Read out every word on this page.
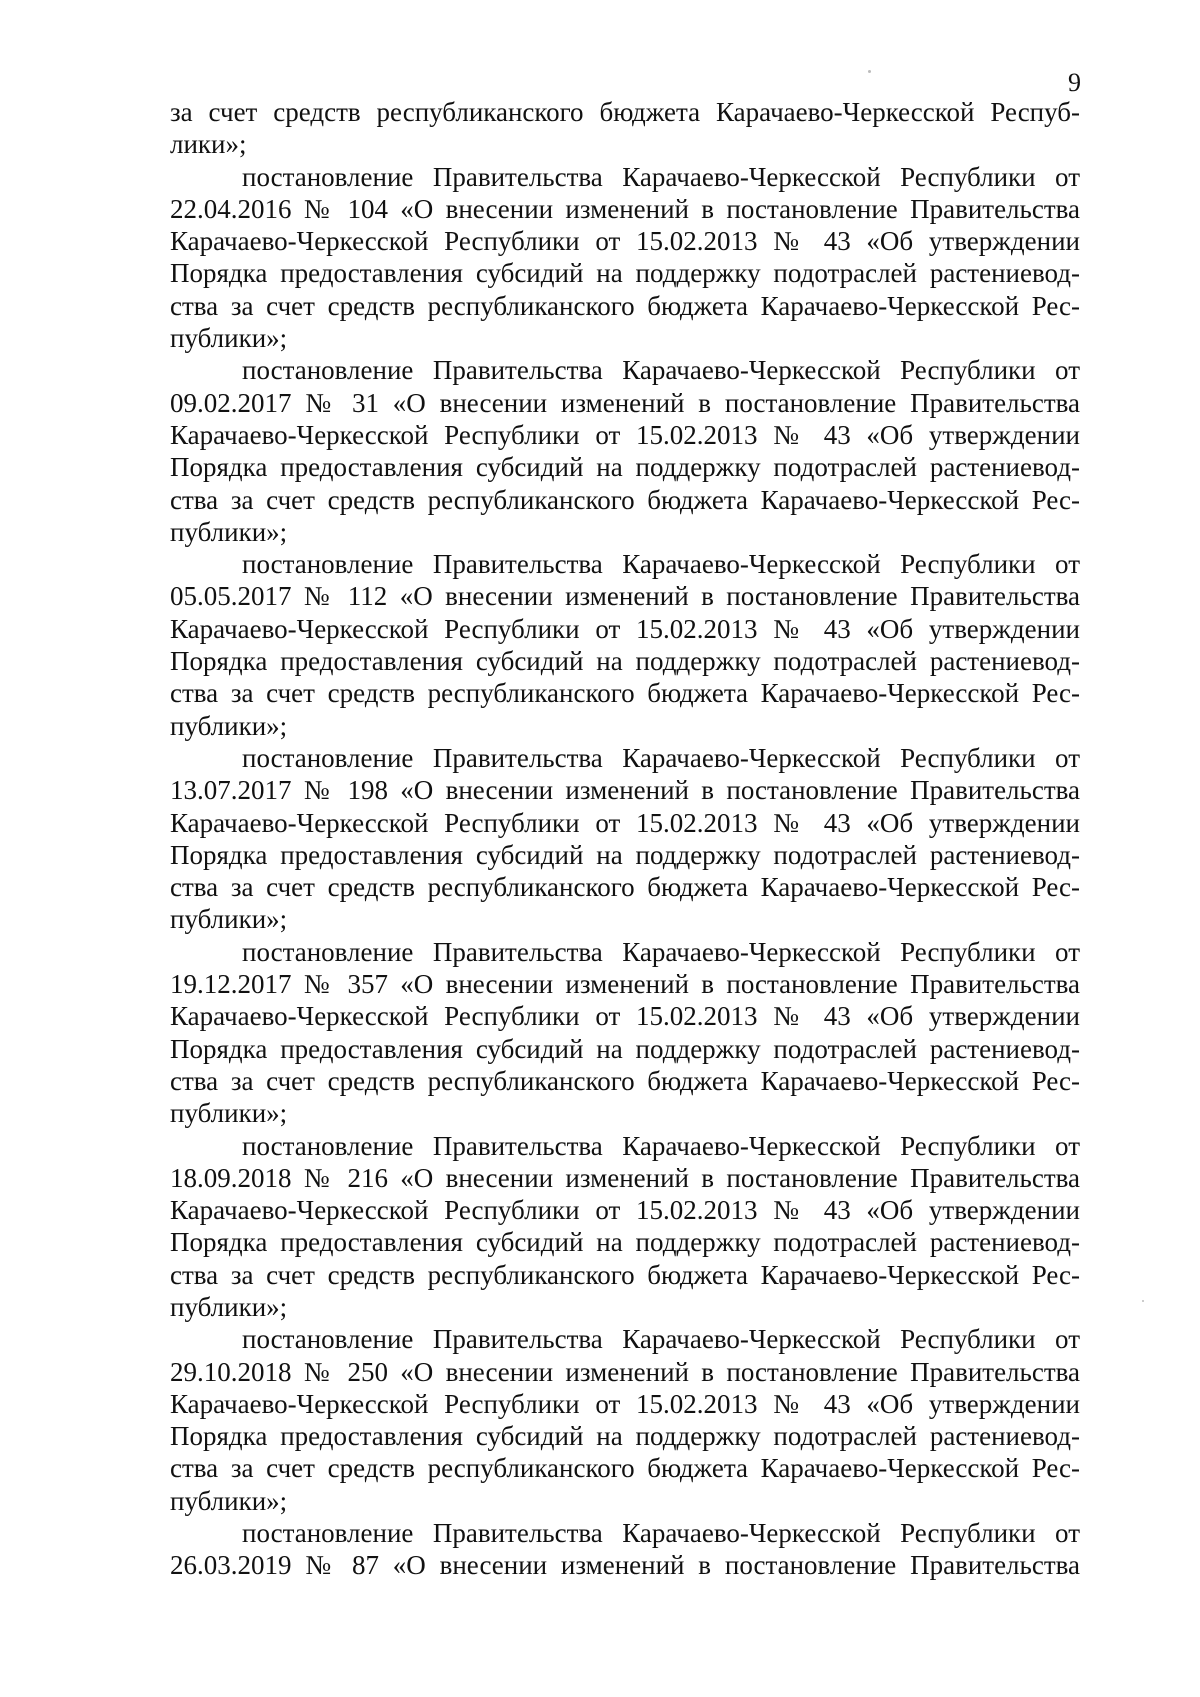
9
за счет средств республиканского бюджета Карачаево-Черкесской Респуб-
лики»;
постановление Правительства Карачаево-Черкесской Республики от
22.04.2016 № 104 «О внесении изменений в постановление Правительства
Карачаево-Черкесской Республики от 15.02.2013 № 43 «Об утверждении
Порядка предоставления субсидий на поддержку подотраслей растениевод-
ства за счет средств республиканского бюджета Карачаево-Черкесской Рес-
публики»;
постановление Правительства Карачаево-Черкесской Республики от
09.02.2017 № 31 «О внесении изменений в постановление Правительства
Карачаево-Черкесской Республики от 15.02.2013 № 43 «Об утверждении
Порядка предоставления субсидий на поддержку подотраслей растениевод-
ства за счет средств республиканского бюджета Карачаево-Черкесской Рес-
публики»;
постановление Правительства Карачаево-Черкесской Республики от
05.05.2017 № 112 «О внесении изменений в постановление Правительства
Карачаево-Черкесской Республики от 15.02.2013 № 43 «Об утверждении
Порядка предоставления субсидий на поддержку подотраслей растениевод-
ства за счет средств республиканского бюджета Карачаево-Черкесской Рес-
публики»;
постановление Правительства Карачаево-Черкесской Республики от
13.07.2017 № 198 «О внесении изменений в постановление Правительства
Карачаево-Черкесской Республики от 15.02.2013 № 43 «Об утверждении
Порядка предоставления субсидий на поддержку подотраслей растениевод-
ства за счет средств республиканского бюджета Карачаево-Черкесской Рес-
публики»;
постановление Правительства Карачаево-Черкесской Республики от
19.12.2017 № 357 «О внесении изменений в постановление Правительства
Карачаево-Черкесской Республики от 15.02.2013 № 43 «Об утверждении
Порядка предоставления субсидий на поддержку подотраслей растениевод-
ства за счет средств республиканского бюджета Карачаево-Черкесской Рес-
публики»;
постановление Правительства Карачаево-Черкесской Республики от
18.09.2018 № 216 «О внесении изменений в постановление Правительства
Карачаево-Черкесской Республики от 15.02.2013 № 43 «Об утверждении
Порядка предоставления субсидий на поддержку подотраслей растениевод-
ства за счет средств республиканского бюджета Карачаево-Черкесской Рес-
публики»;
постановление Правительства Карачаево-Черкесской Республики от
29.10.2018 № 250 «О внесении изменений в постановление Правительства
Карачаево-Черкесской Республики от 15.02.2013 № 43 «Об утверждении
Порядка предоставления субсидий на поддержку подотраслей растениевод-
ства за счет средств республиканского бюджета Карачаево-Черкесской Рес-
публики»;
постановление Правительства Карачаево-Черкесской Республики от
26.03.2019 № 87 «О внесении изменений в постановление Правительства
